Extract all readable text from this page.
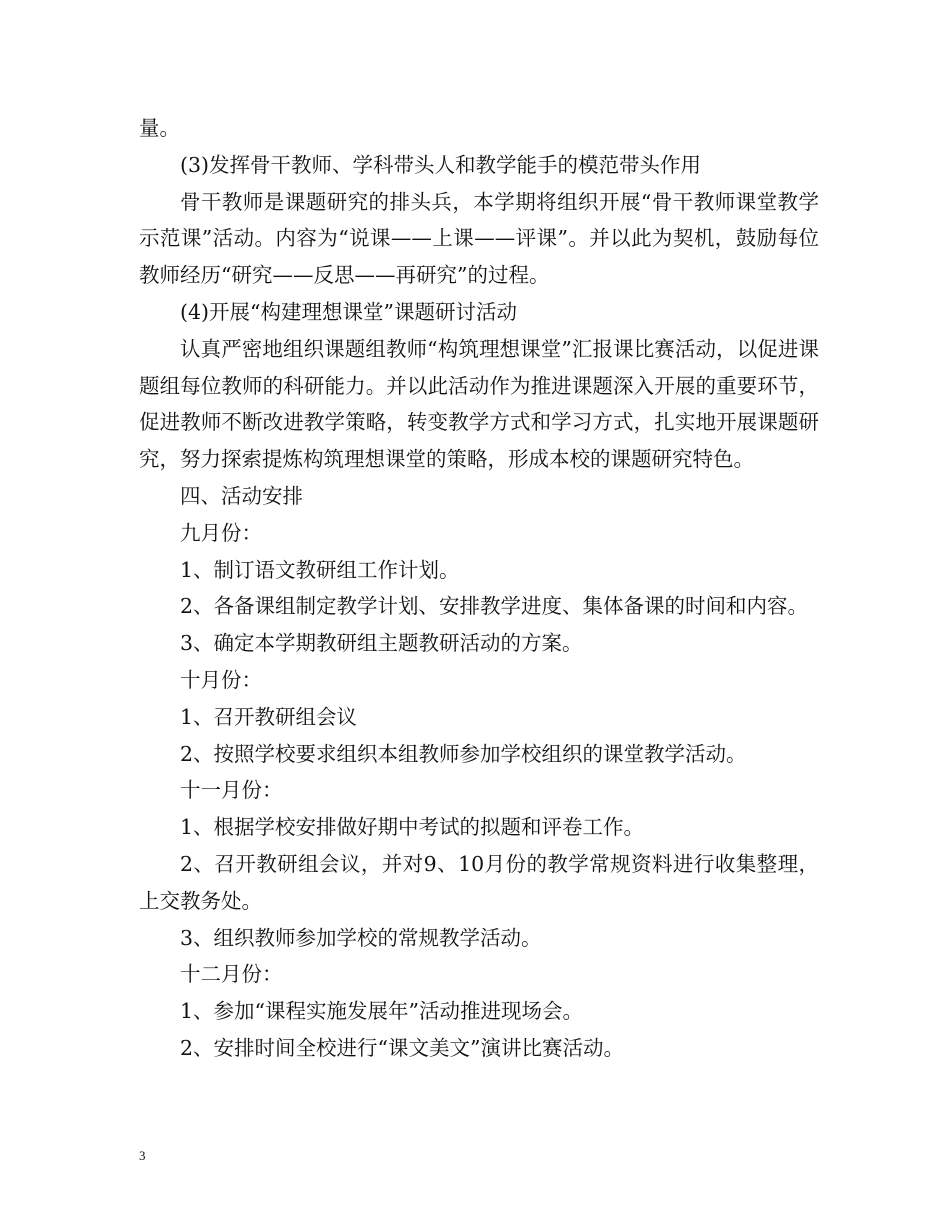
量。

(3)发挥骨干教师、学科带头人和教学能手的模范带头作用

骨干教师是课题研究的排头兵，本学期将组织开展“骨干教师课堂教学示范课”活动。内容为“说课——上课——评课”。并以此为契机，鼓励每位教师经历“研究——反思——再研究”的过程。

(4)开展“构建理想课堂”课题研讨活动

认真严密地组织课题组教师“构筑理想课堂”汇报课比赛活动，以促进课题组每位教师的科研能力。并以此活动作为推进课题深入开展的重要环节，促进教师不断改进教学策略，转变教学方式和学习方式，扎实地开展课题研究，努力探索提炼构筑理想课堂的策略，形成本校的课题研究特色。

四、活动安排

九月份：

1、制订语文教研组工作计划。

2、各备课组制定教学计划、安排教学进度、集体备课的时间和内容。

3、确定本学期教研组主题教研活动的方案。

十月份：

1、召开教研组会议

2、按照学校要求组织本组教师参加学校组织的课堂教学活动。

十一月份：

1、根据学校安排做好期中考试的拟题和评卷工作。

2、召开教研组会议，并对9、10月份的教学常规资料进行收集整理，上交教务处。

3、组织教师参加学校的常规教学活动。

十二月份：

1、参加“课程实施发展年”活动推进现场会。

2、安排时间全校进行“课文美文”演讲比赛活动。

3
